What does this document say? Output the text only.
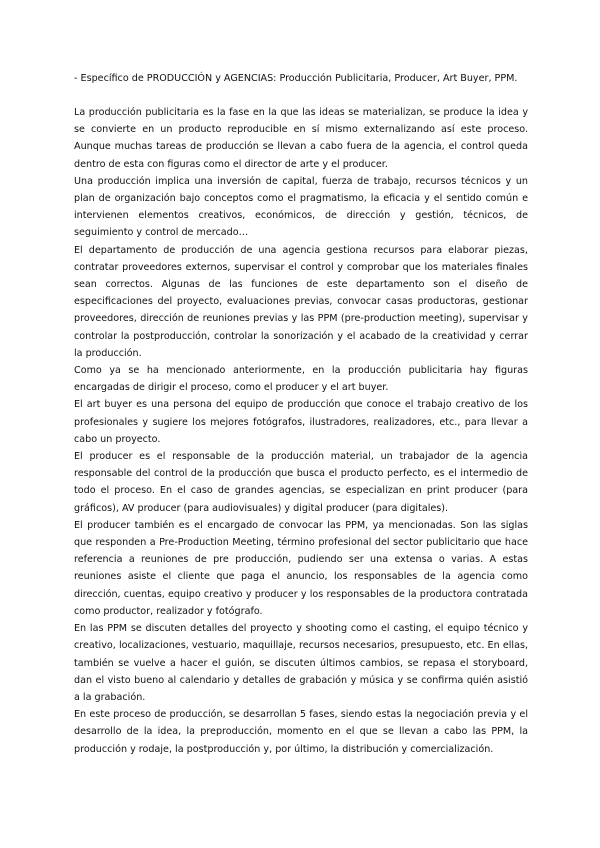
- Específico de PRODUCCIÓN y AGENCIAS: Producción Publicitaria, Producer, Art Buyer, PPM.

La producción publicitaria es la fase en la que las ideas se materializan, se produce la idea y se convierte en un producto reproducible en sí mismo externalizando así este proceso. Aunque muchas tareas de producción se llevan a cabo fuera de la agencia, el control queda dentro de esta con figuras como el director de arte y el producer.

Una producción implica una inversión de capital, fuerza de trabajo, recursos técnicos y un plan de organización bajo conceptos como el pragmatismo, la eficacia y el sentido común e intervienen elementos creativos, económicos, de dirección y gestión, técnicos, de seguimiento y control de mercado…

El departamento de producción de una agencia gestiona recursos para elaborar piezas, contratar proveedores externos, supervisar el control y comprobar que los materiales finales sean correctos. Algunas de las funciones de este departamento son el diseño de especificaciones del proyecto, evaluaciones previas, convocar casas productoras, gestionar proveedores, dirección de reuniones previas y las PPM (pre-production meeting), supervisar y controlar la postproducción, controlar la sonorización y el acabado de la creatividad y cerrar la producción.

Como ya se ha mencionado anteriormente, en la producción publicitaria hay figuras encargadas de dirigir el proceso, como el producer y el art buyer.

El art buyer es una persona del equipo de producción que conoce el trabajo creativo de los profesionales y sugiere los mejores fotógrafos, ilustradores, realizadores, etc., para llevar a cabo un proyecto.

El producer es el responsable de la producción material, un trabajador de la agencia responsable del control de la producción que busca el producto perfecto, es el intermedio de todo el proceso. En el caso de grandes agencias, se especializan en print producer (para gráficos), AV producer (para audiovisuales) y digital producer (para digitales).

El producer también es el encargado de convocar las PPM, ya mencionadas. Son las siglas que responden a Pre-Production Meeting, término profesional del sector publicitario que hace referencia a reuniones de pre producción, pudiendo ser una extensa o varias. A estas reuniones asiste el cliente que paga el anuncio, los responsables de la agencia como dirección, cuentas, equipo creativo y producer y los responsables de la productora contratada como productor, realizador y fotógrafo.

En las PPM se discuten detalles del proyecto y shooting como el casting, el equipo técnico y creativo, localizaciones, vestuario, maquillaje, recursos necesarios, presupuesto, etc. En ellas, también se vuelve a hacer el guión, se discuten últimos cambios, se repasa el storyboard, dan el visto bueno al calendario y detalles de grabación y música y se confirma quién asistió a la grabación.

En este proceso de producción, se desarrollan 5 fases, siendo estas la negociación previa y el desarrollo de la idea, la preproducción, momento en el que se llevan a cabo las PPM, la producción y rodaje, la postproducción y, por último, la distribución y comercialización.
